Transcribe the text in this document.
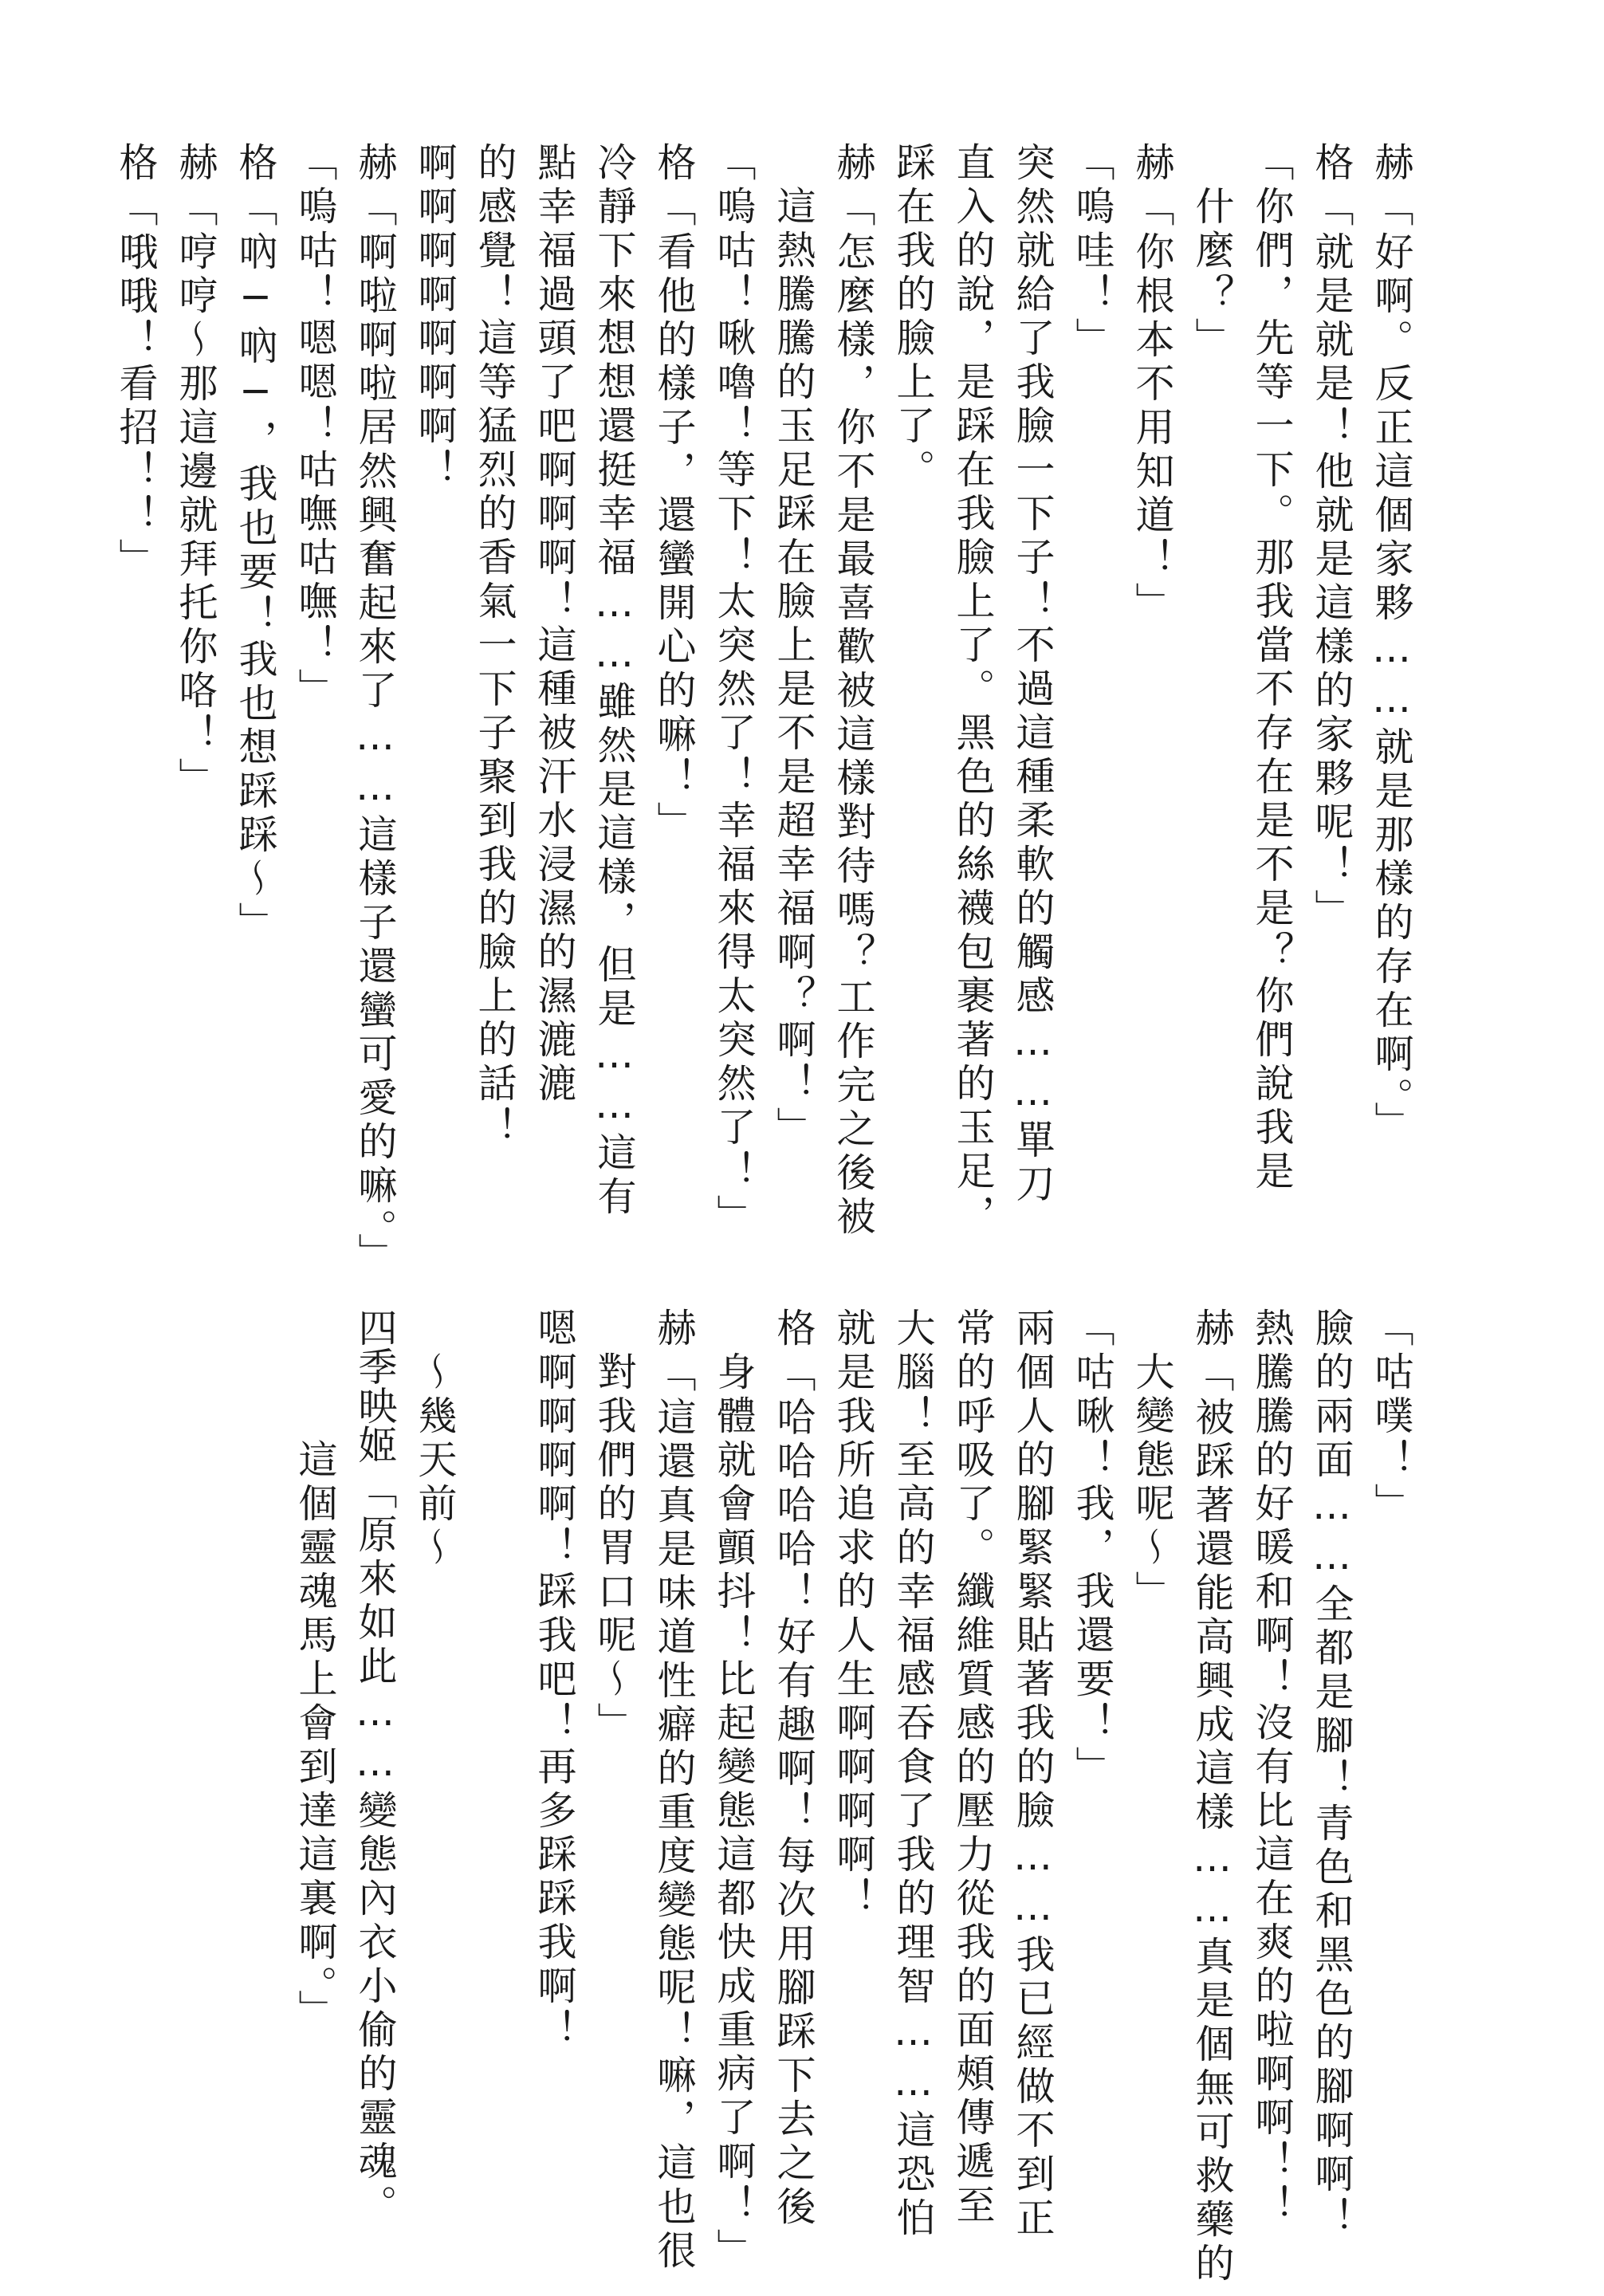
赫
「好啊。反正這個家夥……就是那樣的存在啊。」
格
「就是就是！他就是這樣的家夥呢！」
「你們，先等一下。那我當不存在是不是？你們說我是
　什麼？」
赫
「你根本不用知道！」
「嗚哇！」
突然就給了我臉一下子！不過這種柔軟的觸感……單刀
直入的說，是踩在我臉上了。黑色的絲襪包裹著的玉足，
踩在我的臉上了。
赫
「怎麼樣，你不是最喜歡被這樣對待嗎？工作完之後被
　這熱騰騰的玉足踩在臉上是不是超幸福啊？啊！」
「嗚咕！啾嚕！等下！太突然了！幸福來得太突然了！」
格
「看他的樣子，還蠻開心的嘛！」
冷靜下來想想還挺幸福……雖然是這樣，但是……這有
點幸福過頭了吧啊啊啊！這種被汗水浸濕的濕漉漉
的感覺！這等猛烈的香氣一下子聚到我的臉上的話！
啊啊啊啊啊啊啊！
赫
「啊啦啊啦居然興奮起來了……這樣子還蠻可愛的嘛。」
「嗚咕！嗯嗯！咕嘸咕嘸！」
格
「吶─吶─，我也要！我也想踩踩～」
赫
「哼哼～那這邊就拜托你咯！」
格
「哦哦！看招！！」
「咕噗！」
臉的兩面……全都是腳！青色和黑色的腳啊啊！
熱騰騰的好暖和啊！沒有比這在爽的啦啊啊！！
赫
「被踩著還能高興成這樣……真是個無可救藥的
　大變態呢～」
「咕啾！我，我還要！」
兩個人的腳緊緊貼著我的臉……我已經做不到正
常的呼吸了。纖維質感的壓力從我的面頰傳遞至
大腦！至高的幸福感吞食了我的理智……這恐怕
就是我所追求的人生啊啊啊啊！
格
「哈哈哈哈！好有趣啊！每次用腳踩下去之後
　身體就會顫抖！比起變態這都快成重病了啊！」
赫
「這還真是味道性癖的重度變態呢！嘛，這也很
　對我們的胃口呢～」
嗯啊啊啊啊！踩我吧！再多踩踩我啊！
　～幾天前～
四季映姬
「原來如此……變態內衣小偷的靈魂。
　　　這個靈魂馬上會到達這裏啊。」
